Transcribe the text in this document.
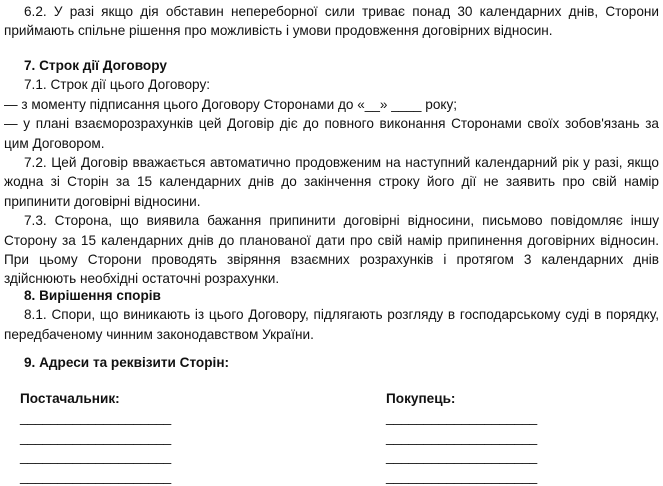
6.2. У разі якщо дія обставин непереборної сили триває понад 30 календарних днів, Сторони приймають спільне рішення про можливість і умови продовження договірних відносин.

7. Строк дії Договору

7.1. Строк дії цього Договору:

— з моменту підписання цього Договору Сторонами до «__» ____ року;

— у плані взаєморозрахунків цей Договір діє до повного виконання Сторонами своїх зобов'язань за цим Договором.

7.2. Цей Договір вважається автоматично продовженим на наступний календарний рік у разі, якщо жодна зі Сторін за 15 календарних днів до закінчення строку його дії не заявить про свій намір припинити договірні відносини.

7.3. Сторона, що виявила бажання припинити договірні відносини, письмово повідомляє іншу Сторону за 15 календарних днів до планованої дати про свій намір припинення договірних відносин. При цьому Сторони проводять звіряння взаємних розрахунків і протягом 3 календарних днів здійснюють необхідні остаточні розрахунки.

8. Вирішення спорів

8.1. Спори, що виникають із цього Договору, підлягають розгляду в господарському суді в порядку, передбаченому чинним законодавством України.

9. Адреси та реквізити Сторін:
Постачальник:
____________________
____________________
____________________
____________________
Покупець:
____________________
____________________
____________________
____________________
